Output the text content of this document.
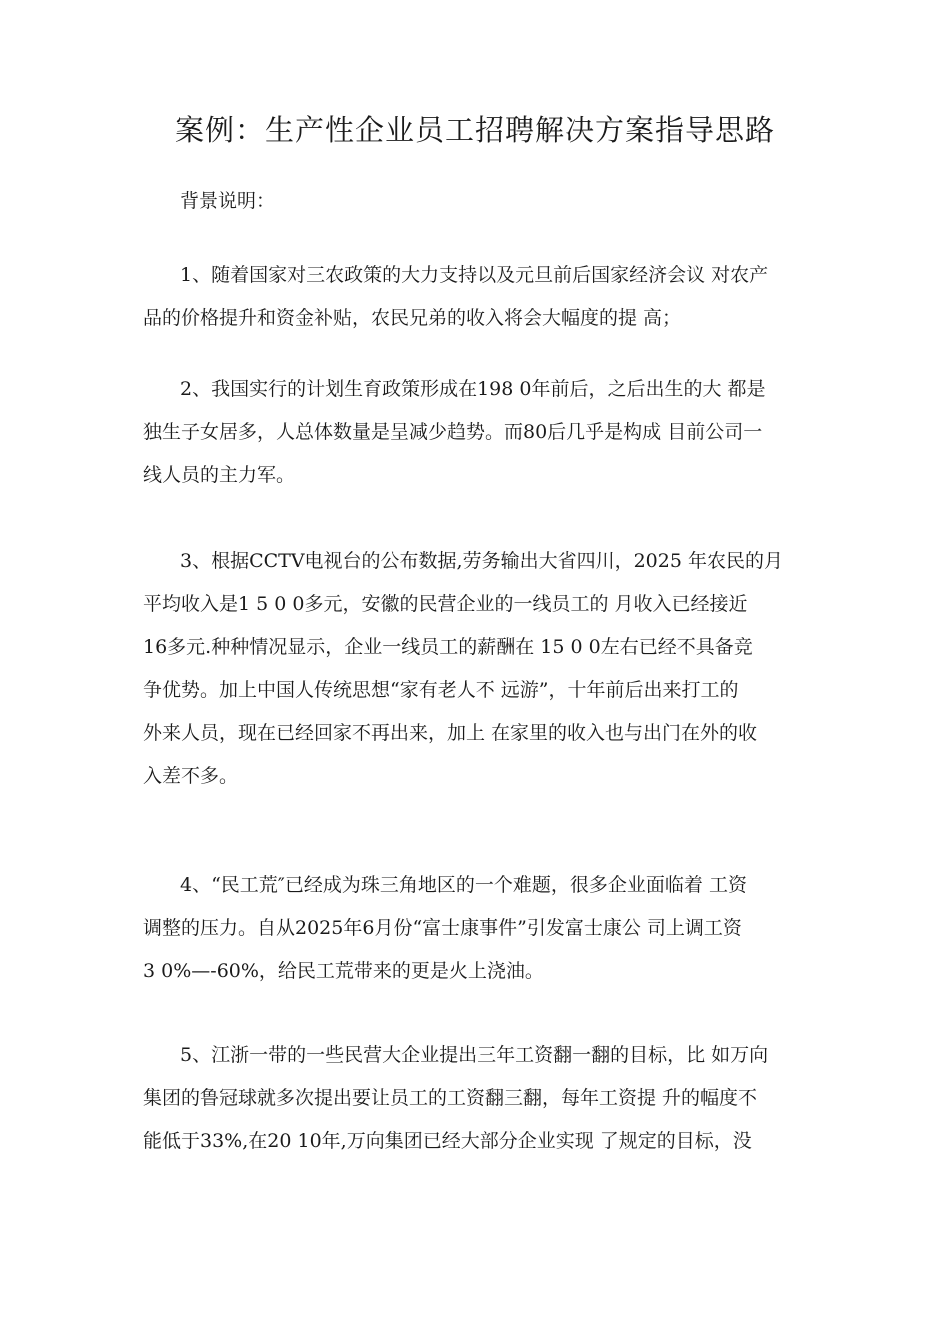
案例：生产性企业员工招聘解决方案指导思路
背景说明：
1、随着国家对三农政策的大力支持以及元旦前后国家经济会议 对农产
品的价格提升和资金补贴，农民兄弟的收入将会大幅度的提 高；
2、我国实行的计划生育政策形成在198 0年前后，之后出生的大 都是
独生子女居多，人总体数量是呈减少趋势。而80后几乎是构成 目前公司一
线人员的主力军。
3、根据CCTV电视台的公布数据,劳务输出大省四川，2025 年农民的月
平均收入是1 5 0 0多元，安徽的民营企业的一线员工的 月收入已经接近
16多元.种种情况显示，企业一线员工的薪酬在 15 0 0左右已经不具备竞
争优势。加上中国人传统思想“家有老人不 远游”，十年前后出来打工的
外来人员，现在已经回家不再出来，加上 在家里的收入也与出门在外的收
入差不多。
4、“民工荒″已经成为珠三角地区的一个难题，很多企业面临着 工资
调整的压力。自从2025年6月份“富士康事件”引发富士康公 司上调工资
3 0%—-60%，给民工荒带来的更是火上浇油。
5、江浙一带的一些民营大企业提出三年工资翻一翻的目标，比 如万向
集团的鲁冠球就多次提出要让员工的工资翻三翻，每年工资提 升的幅度不
能低于33%,在20 10年,万向集团已经大部分企业实现 了规定的目标，没
